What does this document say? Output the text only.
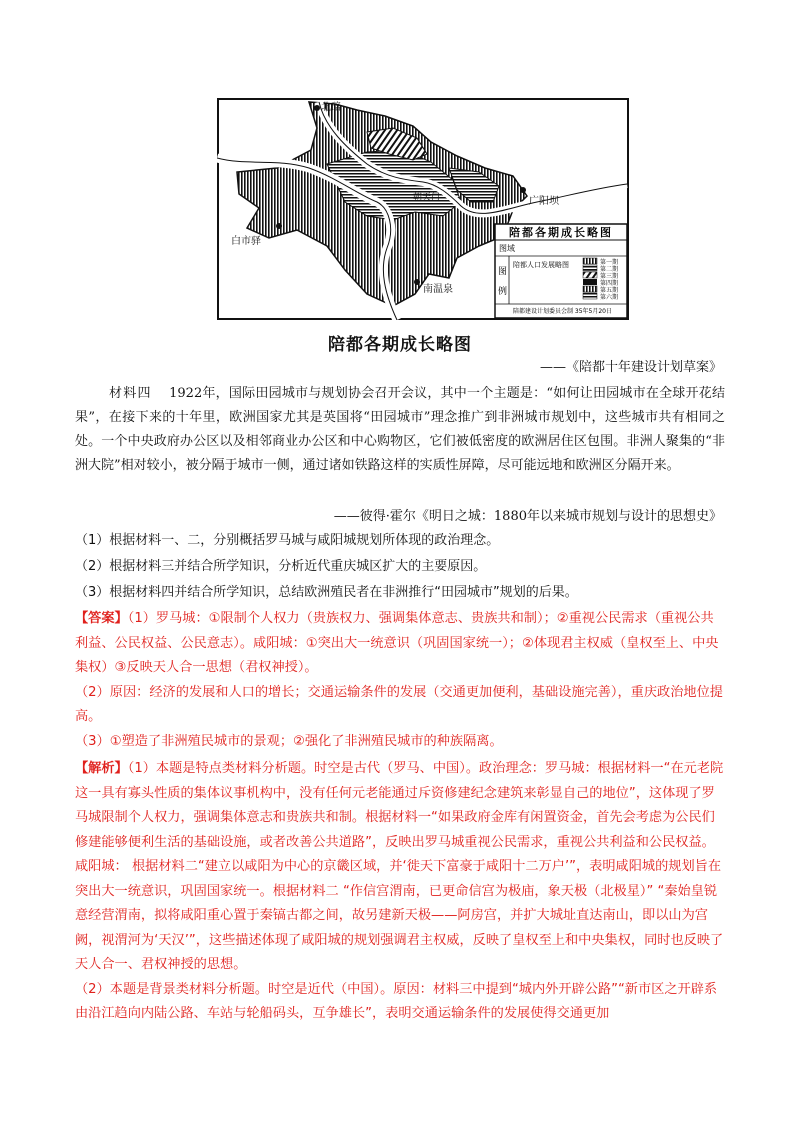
北碚
白市驿
广阳坝
南温泉
朝天门
陪都各期成长略图
图域
图
例
陪都人口发展略图	第一期
第二期
第三期
第四期
第五期
第六期
陪都建设计划委员会制 35年5月20日
陪都各期成长略图
——《陪都十年建设计划草案》

材料四 1922年，国际田园城市与规划协会召开会议，其中一个主题是：“如何让田园城市在全球开花结果”，在接下来的十年里，欧洲国家尤其是英国将“田园城市”理念推广到非洲城市规划中，这些城市共有相同之处。一个中央政府办公区以及相邻商业办公区和中心购物区，它们被低密度的欧洲居住区包围。非洲人聚集的“非洲大院”相对较小，被分隔于城市一侧，通过诸如铁路这样的实质性屏障，尽可能远地和欧洲区分隔开来。

——彼得·霍尔《明日之城：1880年以来城市规划与设计的思想史》
（1）根据材料一、二，分别概括罗马城与咸阳城规划所体现的政治理念。
（2）根据材料三并结合所学知识，分析近代重庆城区扩大的主要原因。
（3）根据材料四并结合所学知识，总结欧洲殖民者在非洲推行“田园城市”规划的后果。

【答案】（1）罗马城：①限制个人权力（贵族权力、强调集体意志、贵族共和制）；②重视公民需求（重视公共利益、公民权益、公民意志）。咸阳城：①突出大一统意识（巩固国家统一）；②体现君主权威（皇权至上、中央集权）③反映天人合一思想（君权神授）。

（2）原因：经济的发展和人口的增长；交通运输条件的发展（交通更加便利，基础设施完善），重庆政治地位提高。

（3）①塑造了非洲殖民城市的景观；②强化了非洲殖民城市的种族隔离。

【解析】（1）本题是特点类材料分析题。时空是古代（罗马、中国）。政治理念：罗马城：根据材料一“在元老院这一具有寡头性质的集体议事机构中，没有任何元老能通过斥资修建纪念建筑来彰显自己的地位”，这体现了罗马城限制个人权力，强调集体意志和贵族共和制。根据材料一“如果政府金库有闲置资金，首先会考虑为公民们修建能够便利生活的基础设施，或者改善公共道路”，反映出罗马城重视公民需求，重视公共利益和公民权益。 咸阳城： 根据材料二“建立以咸阳为中心的京畿区域，并‘徙天下富豪于咸阳十二万户’”，表明咸阳城的规划旨在突出大一统意识，巩固国家统一。根据材料二 “作信宫渭南，已更命信宫为极庙，象天极（北极星）” “秦始皇锐意经营渭南，拟将咸阳重心置于秦镐古都之间，故另建新天极——阿房宫，并扩大城址直达南山，即以山为宫阙，视渭河为‘天汉’”，这些描述体现了咸阳城的规划强调君主权威，反映了皇权至上和中央集权，同时也反映了天人合一、君权神授的思想。

（2）本题是背景类材料分析题。时空是近代（中国）。原因：材料三中提到“城内外开辟公路”“新市区之开辟系由沿江趋向内陆公路、车站与轮船码头，互争雄长”，表明交通运输条件的发展使得交通更加
